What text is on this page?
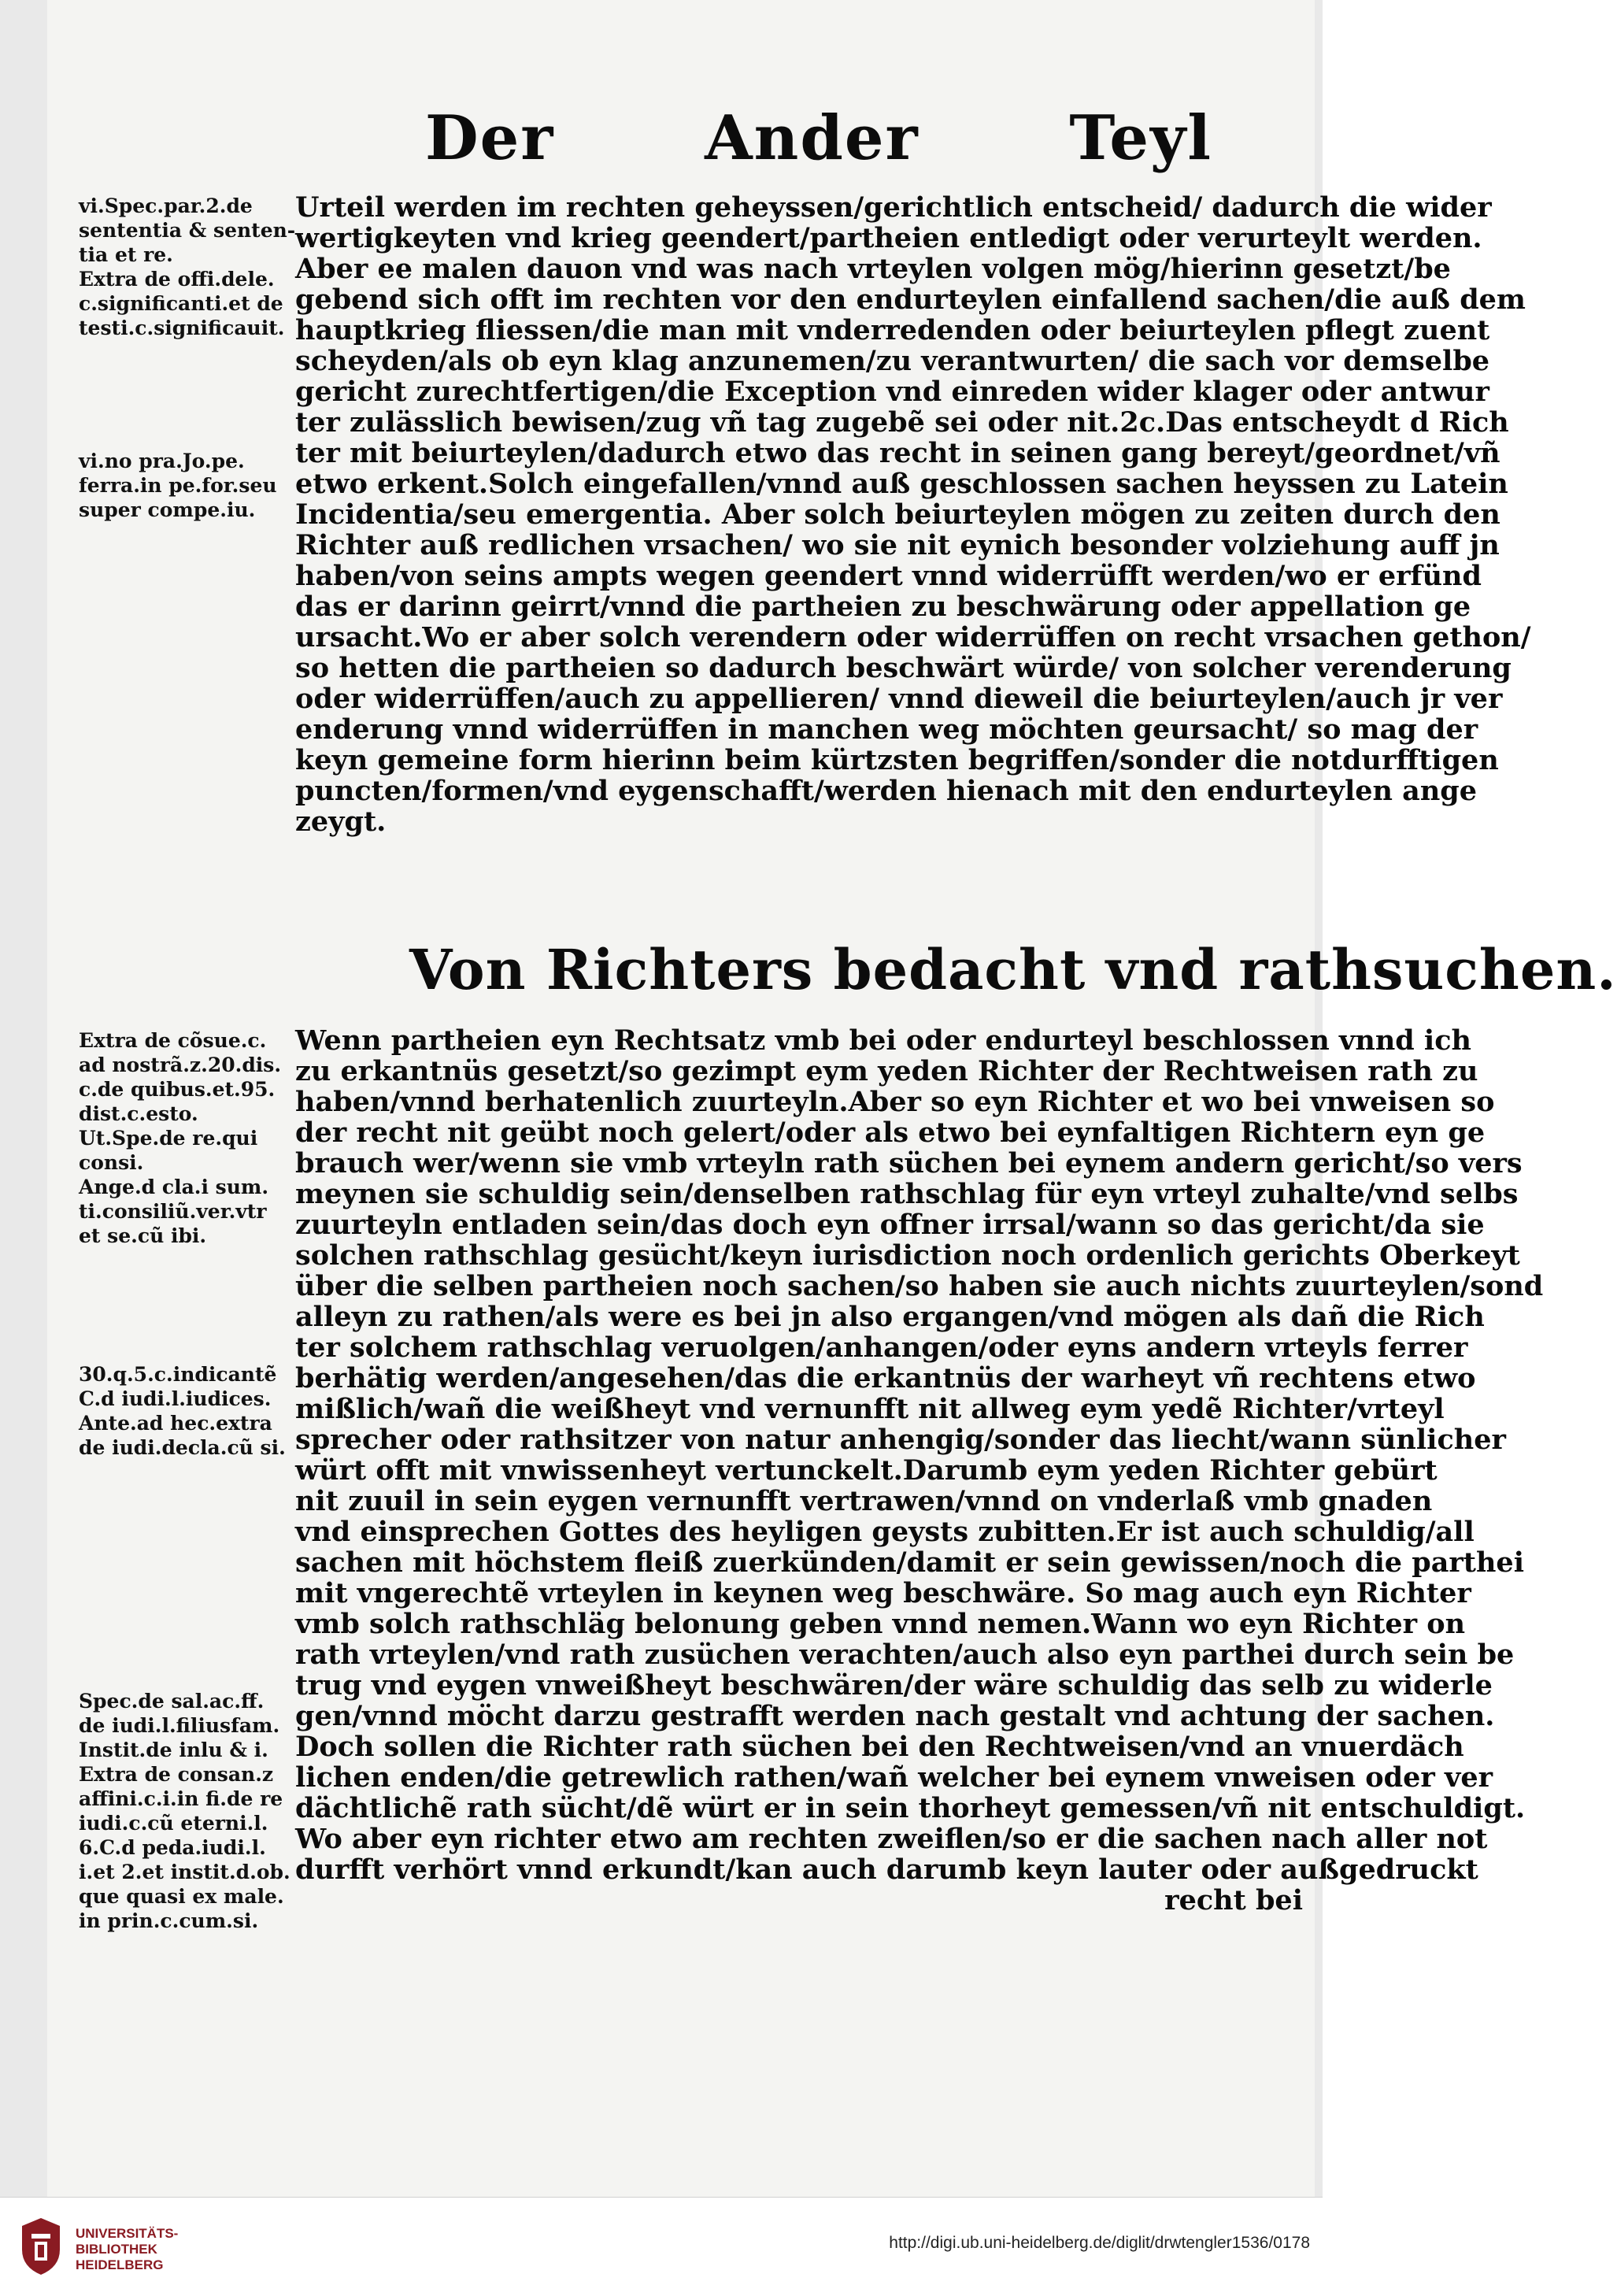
Der Ander Teyl
vi.Spec.par.2.de
sententia & senten-
tia et re.
Extra de offi.dele.
c.significanti.et de
testi.c.significauit.
vi.no pra.Jo.pe.
ferra.in pe.for.seu
super compe.iu.
Extra de cõsue.c.
ad nostrã.z.20.dis.
c.de quibus.et.95.
dist.c.esto.
Ut.Spe.de re.qui
consi.
Ange.d cla.i sum.
ti.consiliũ.ver.vtr
et se.cũ ibi.
30.q.5.c.indicantẽ
C.d iudi.l.iudices.
Ante.ad hec.extra
de iudi.decla.cũ si.
Spec.de sal.ac.ff.
de iudi.l.filiusfam.
Instit.de inlu & i.
Extra de consan.z
affini.c.i.in fi.de re
iudi.c.cũ eterni.l.
6.C.d peda.iudi.l.
i.et 2.et instit.d.ob.
que quasi ex male.
in prin.c.cum.si.
Urteil werden im rechten geheyssen/gerichtlich entscheid/ dadurch die wider
wertigkeyten vnd krieg geendert/partheien entledigt oder verurteylt werden.
Aber ee malen dauon vnd was nach vrteylen volgen mög/hierinn gesetzt/be
gebend sich offt im rechten vor den endurteylen einfallend sachen/die auß dem
hauptkrieg fliessen/die man mit vnderredenden oder beiurteylen pflegt zuent
scheyden/als ob eyn klag anzunemen/zu verantwurten/ die sach vor demselbe
gericht zurechtfertigen/die Exception vnd einreden wider klager oder antwur
ter zulässlich bewisen/zug vñ tag zugebẽ sei oder nit.2c.Das entscheydt d Rich
ter mit beiurteylen/dadurch etwo das recht in seinen gang bereyt/geordnet/vñ
etwo erkent.Solch eingefallen/vnnd auß geschlossen sachen heyssen zu Latein
Incidentia/seu emergentia. Aber solch beiurteylen mögen zu zeiten durch den
Richter auß redlichen vrsachen/ wo sie nit eynich besonder volziehung auff jn
haben/von seins ampts wegen geendert vnnd widerrüfft werden/wo er erfünd
das er darinn geirrt/vnnd die partheien zu beschwärung oder appellation ge
ursacht.Wo er aber solch verendern oder widerrüffen on recht vrsachen gethon/
so hetten die partheien so dadurch beschwärt würde/ von solcher verenderung
oder widerrüffen/auch zu appellieren/ vnnd dieweil die beiurteylen/auch jr ver
enderung vnnd widerrüffen in manchen weg möchten geursacht/ so mag der
keyn gemeine form hierinn beim kürtzsten begriffen/sonder die notdurfftigen
puncten/formen/vnd eygenschafft/werden hienach mit den endurteylen ange
zeygt.
Von Richters bedacht vnd rathsuchen.
Wenn partheien eyn Rechtsatz vmb bei oder endurteyl beschlossen vnnd ich
zu erkantnüs gesetzt/so gezimpt eym yeden Richter der Rechtweisen rath zu
haben/vnnd berhatenlich zuurteyln.Aber so eyn Richter et wo bei vnweisen so
der recht nit geübt noch gelert/oder als etwo bei eynfaltigen Richtern eyn ge
brauch wer/wenn sie vmb vrteyln rath süchen bei eynem andern gericht/so vers
meynen sie schuldig sein/denselben rathschlag für eyn vrteyl zuhalte/vnd selbs
zuurteyln entladen sein/das doch eyn offner irrsal/wann so das gericht/da sie
solchen rathschlag gesücht/keyn iurisdiction noch ordenlich gerichts Oberkeyt
über die selben partheien noch sachen/so haben sie auch nichts zuurteylen/sond
alleyn zu rathen/als were es bei jn also ergangen/vnd mögen als dañ die Rich
ter solchem rathschlag veruolgen/anhangen/oder eyns andern vrteyls ferrer
berhätig werden/angesehen/das die erkantnüs der warheyt vñ rechtens etwo
mißlich/wañ die weißheyt vnd vernunfft nit allweg eym yedẽ Richter/vrteyl
sprecher oder rathsitzer von natur anhengig/sonder das liecht/wann sünlicher
würt offt mit vnwissenheyt vertunckelt.Darumb eym yeden Richter gebürt
nit zuuil in sein eygen vernunfft vertrawen/vnnd on vnderlaß vmb gnaden
vnd einsprechen Gottes des heyligen geysts zubitten.Er ist auch schuldig/all
sachen mit höchstem fleiß zuerkünden/damit er sein gewissen/noch die parthei
mit vngerechtẽ vrteylen in keynen weg beschwäre. So mag auch eyn Richter
vmb solch rathschläg belonung geben vnnd nemen.Wann wo eyn Richter on
rath vrteylen/vnd rath zusüchen verachten/auch also eyn parthei durch sein be
trug vnd eygen vnweißheyt beschwären/der wäre schuldig das selb zu widerle
gen/vnnd möcht darzu gestrafft werden nach gestalt vnd achtung der sachen.
Doch sollen die Richter rath süchen bei den Rechtweisen/vnd an vnuerdäch
lichen enden/die getrewlich rathen/wañ welcher bei eynem vnweisen oder ver
dächtlichẽ rath sücht/dẽ würt er in sein thorheyt gemessen/vñ nit entschuldigt.
Wo aber eyn richter etwo am rechten zweiflen/so er die sachen nach aller not
durfft verhört vnnd erkundt/kan auch darumb keyn lauter oder außgedruckt
recht bei
UNIVERSITÄTS-
BIBLIOTHEK
HEIDELBERG
http://digi.ub.uni-heidelberg.de/diglit/drwtengler1536/0178
